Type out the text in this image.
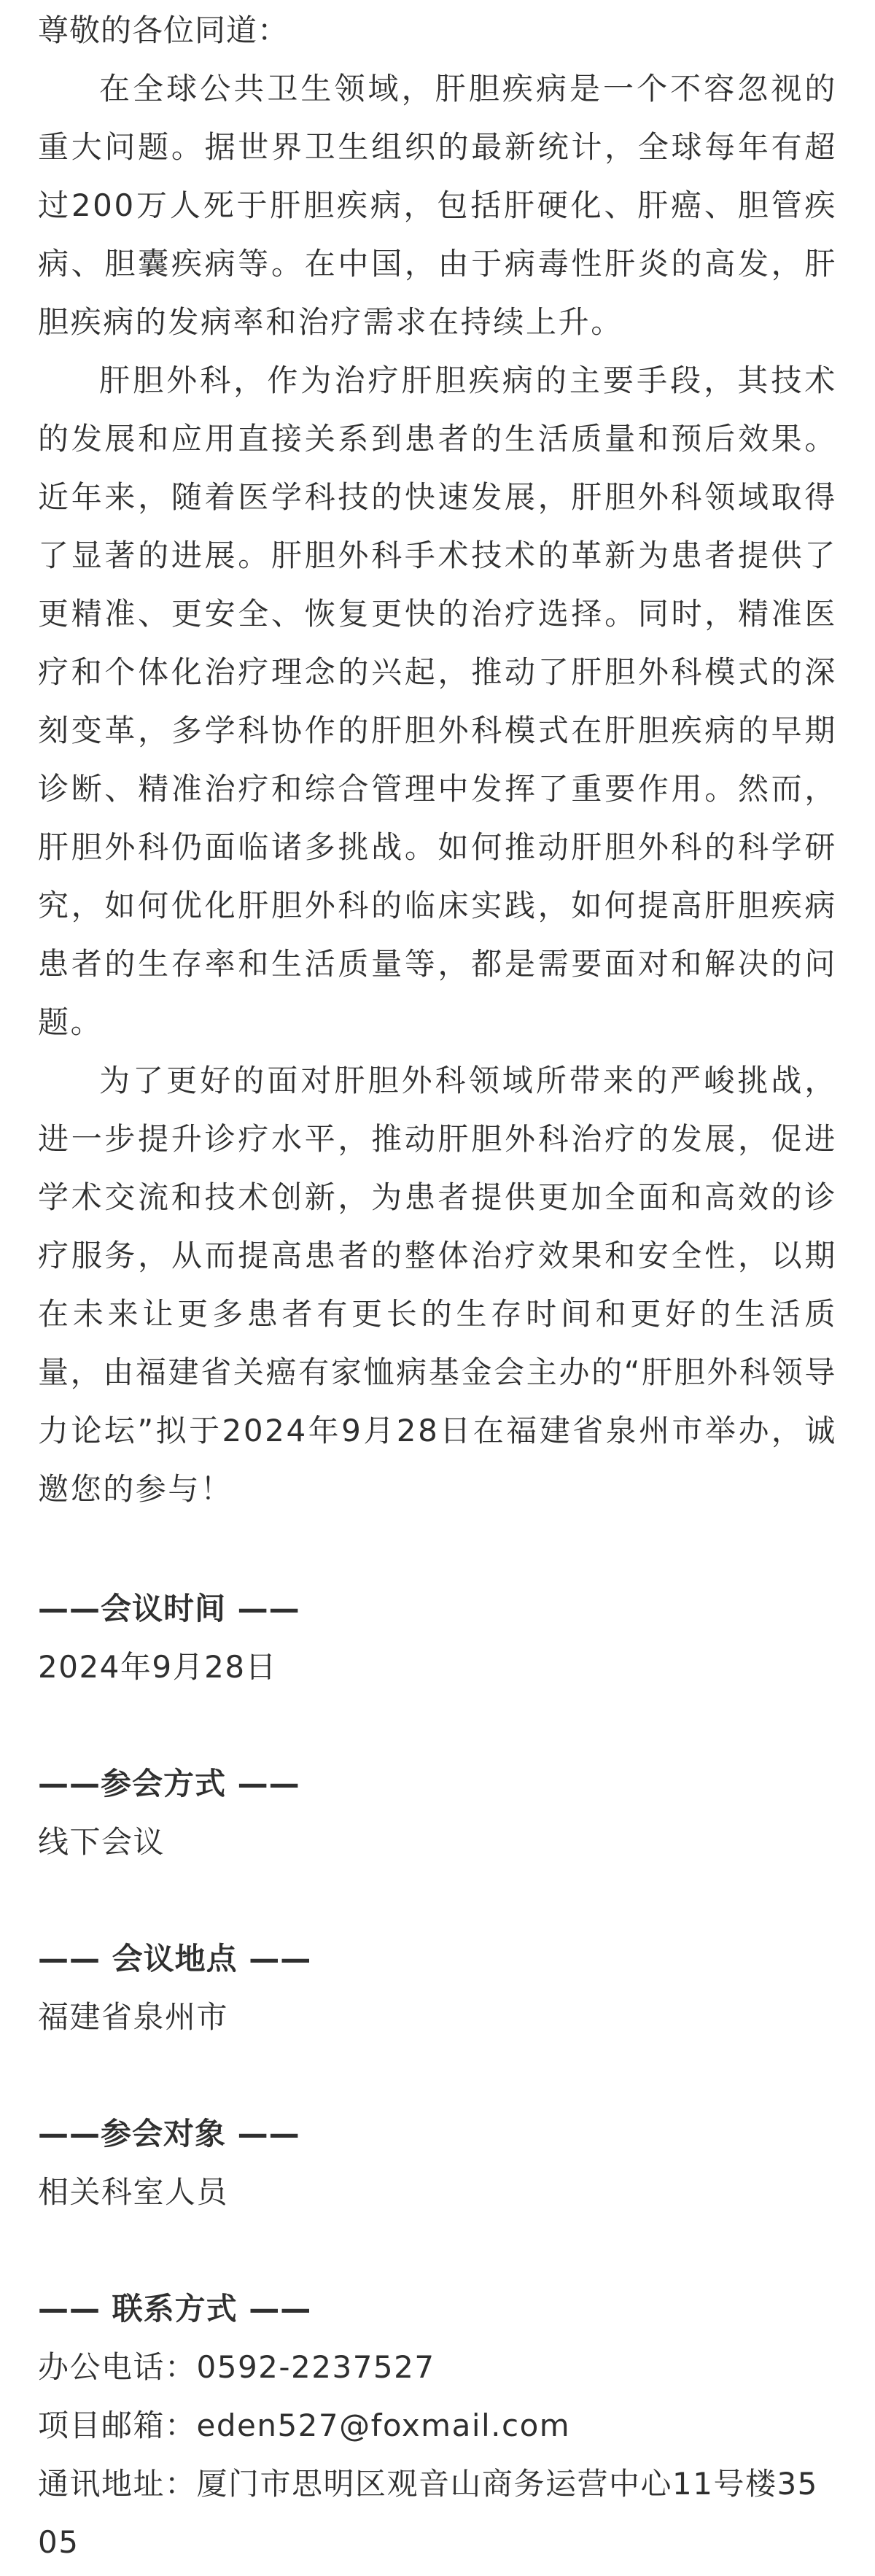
尊敬的各位同道：

在全球公共卫生领域，肝胆疾病是一个不容忽视的重大问题。据世界卫生组织的最新统计，全球每年有超过200万人死于肝胆疾病，包括肝硬化、肝癌、胆管疾病、胆囊疾病等。在中国，由于病毒性肝炎的高发，肝胆疾病的发病率和治疗需求在持续上升。

肝胆外科，作为治疗肝胆疾病的主要手段，其技术的发展和应用直接关系到患者的生活质量和预后效果。近年来，随着医学科技的快速发展，肝胆外科领域取得了显著的进展。肝胆外科手术技术的革新为患者提供了更精准、更安全、恢复更快的治疗选择。同时，精准医疗和个体化治疗理念的兴起，推动了肝胆外科模式的深刻变革，多学科协作的肝胆外科模式在肝胆疾病的早期诊断、精准治疗和综合管理中发挥了重要作用。然而，肝胆外科仍面临诸多挑战。如何推动肝胆外科的科学研究，如何优化肝胆外科的临床实践，如何提高肝胆疾病患者的生存率和生活质量等，都是需要面对和解决的问题。

为了更好的面对肝胆外科领域所带来的严峻挑战，进一步提升诊疗水平，推动肝胆外科治疗的发展，促进学术交流和技术创新，为患者提供更加全面和高效的诊疗服务，从而提高患者的整体治疗效果和安全性，以期在未来让更多患者有更长的生存时间和更好的生活质量，由福建省关癌有家恤病基金会主办的“肝胆外科领导力论坛”拟于2024年9月28日在福建省泉州市举办，诚邀您的参与！

——会议时间 ——

2024年9月28日

——参会方式 ——

线下会议

—— 会议地点 ——

福建省泉州市

——参会对象 ——

相关科室人员

—— 联系方式 ——

办公电话：0592-2237527

项目邮箱：eden527@foxmail.com

通讯地址：厦门市思明区观音山商务运营中心11号楼3505
